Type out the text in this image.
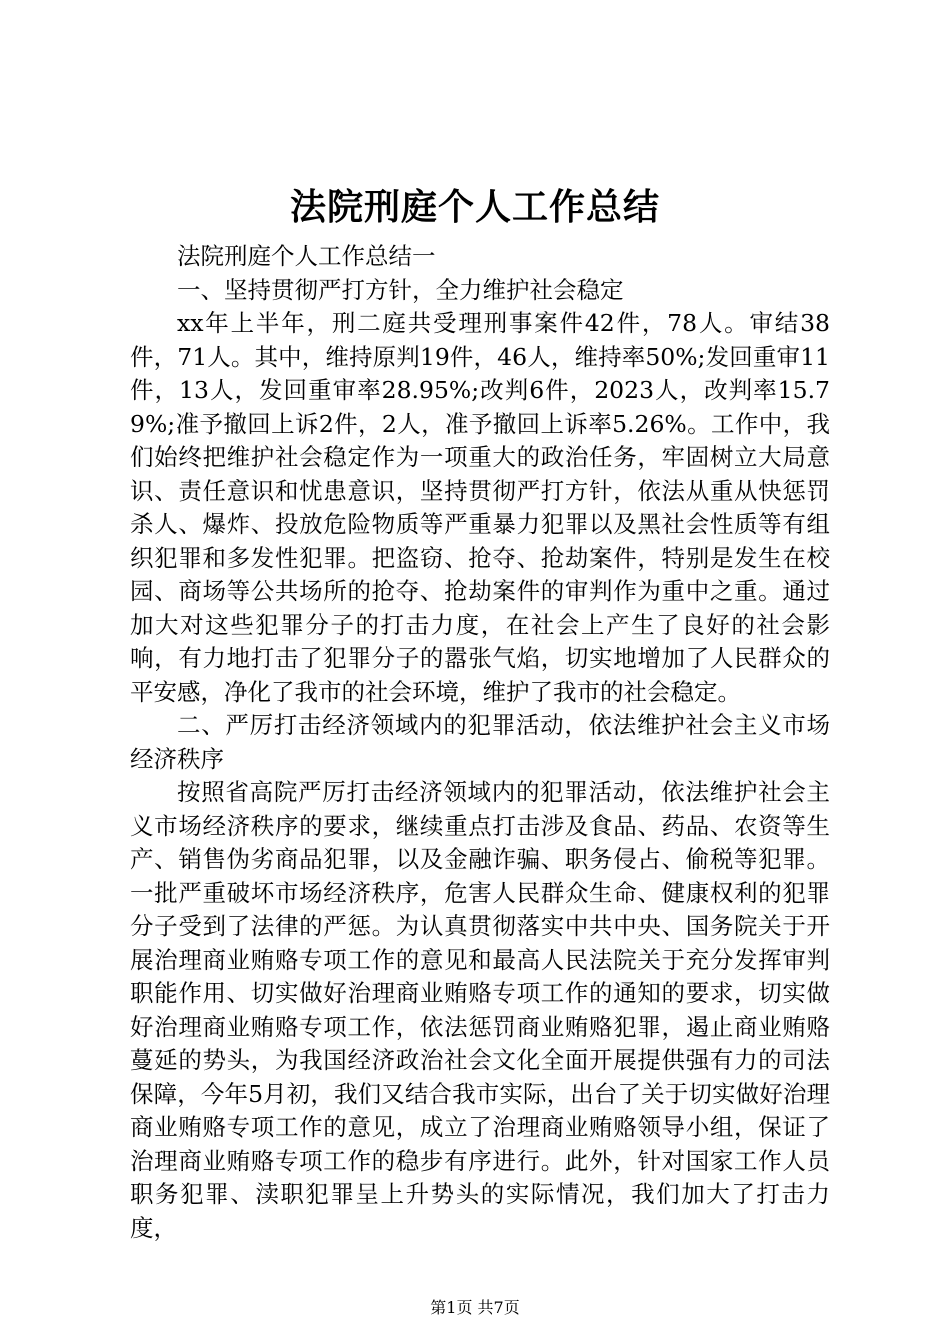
法院刑庭个人工作总结

法院刑庭个人工作总结一

一、坚持贯彻严打方针，全力维护社会稳定

xx年上半年，刑二庭共受理刑事案件42件，78人。审结38件，71人。其中，维持原判19件，46人，维持率50%;发回重审11件，13人，发回重审率28.95%;改判6件，2023人，改判率15.79%;准予撤回上诉2件，2人，准予撤回上诉率5.26%。工作中，我们始终把维护社会稳定作为一项重大的政治任务，牢固树立大局意识、责任意识和忧患意识，坚持贯彻严打方针，依法从重从快惩罚杀人、爆炸、投放危险物质等严重暴力犯罪以及黑社会性质等有组织犯罪和多发性犯罪。把盗窃、抢夺、抢劫案件，特别是发生在校园、商场等公共场所的抢夺、抢劫案件的审判作为重中之重。通过加大对这些犯罪分子的打击力度，在社会上产生了良好的社会影响，有力地打击了犯罪分子的嚣张气焰，切实地增加了人民群众的平安感，净化了我市的社会环境，维护了我市的社会稳定。

二、严厉打击经济领域内的犯罪活动，依法维护社会主义市场经济秩序

按照省高院严厉打击经济领域内的犯罪活动，依法维护社会主义市场经济秩序的要求，继续重点打击涉及食品、药品、农资等生产、销售伪劣商品犯罪，以及金融诈骗、职务侵占、偷税等犯罪。一批严重破坏市场经济秩序，危害人民群众生命、健康权利的犯罪分子受到了法律的严惩。为认真贯彻落实中共中央、国务院关于开展治理商业贿赂专项工作的意见和最高人民法院关于充分发挥审判职能作用、切实做好治理商业贿赂专项工作的通知的要求，切实做好治理商业贿赂专项工作，依法惩罚商业贿赂犯罪，遏止商业贿赂蔓延的势头，为我国经济政治社会文化全面开展提供强有力的司法保障，今年5月初，我们又结合我市实际，出台了关于切实做好治理商业贿赂专项工作的意见，成立了治理商业贿赂领导小组，保证了治理商业贿赂专项工作的稳步有序进行。此外，针对国家工作人员职务犯罪、渎职犯罪呈上升势头的实际情况，我们加大了打击力度，

第1页 共7页
